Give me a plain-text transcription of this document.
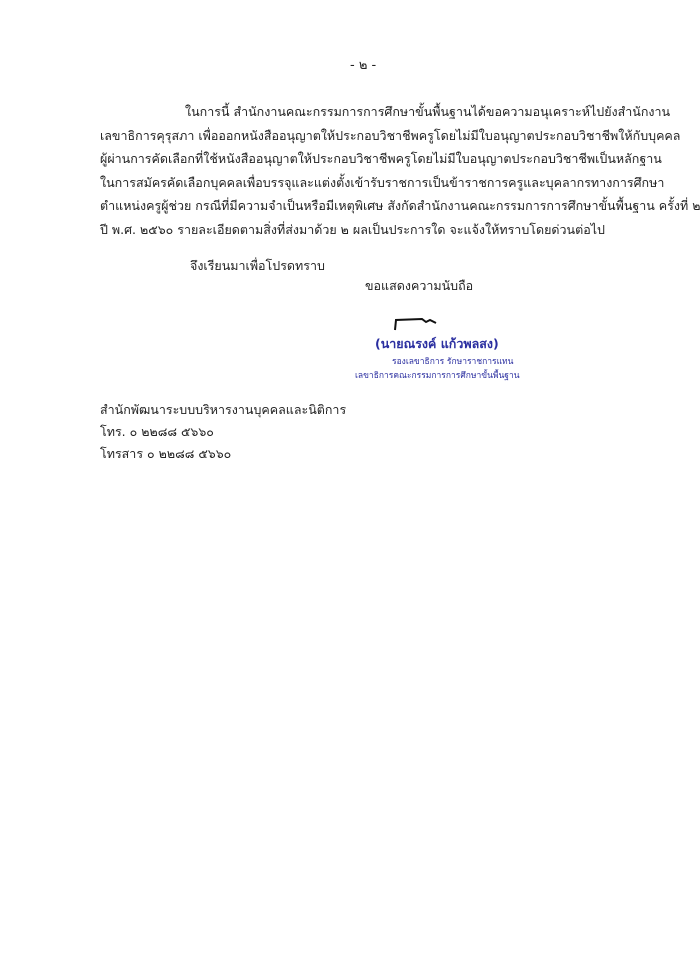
- ๒ -
ในการนี้ สำนักงานคณะกรรมการการศึกษาขั้นพื้นฐานได้ขอความอนุเคราะห์ไปยังสำนักงาน
เลขาธิการคุรุสภา เพื่อออกหนังสืออนุญาตให้ประกอบวิชาชีพครูโดยไม่มีใบอนุญาตประกอบวิชาชีพให้กับบุคคล
ผู้ผ่านการคัดเลือกที่ใช้หนังสืออนุญาตให้ประกอบวิชาชีพครูโดยไม่มีใบอนุญาตประกอบวิชาชีพเป็นหลักฐาน
ในการสมัครคัดเลือกบุคคลเพื่อบรรจุและแต่งตั้งเข้ารับราชการเป็นข้าราชการครูและบุคลากรทางการศึกษา
ตำแหน่งครูผู้ช่วย กรณีที่มีความจำเป็นหรือมีเหตุพิเศษ สังกัดสำนักงานคณะกรรมการการศึกษาขั้นพื้นฐาน ครั้งที่ ๒
ปี พ.ศ. ๒๕๖๐ รายละเอียดตามสิ่งที่ส่งมาด้วย ๒ ผลเป็นประการใด จะแจ้งให้ทราบโดยด่วนต่อไป
จึงเรียนมาเพื่อโปรดทราบ
ขอแสดงความนับถือ
(นายณรงค์ แก้วพลสง)
รองเลขาธิการ รักษาราชการแทน
เลขาธิการคณะกรรมการการศึกษาขั้นพื้นฐาน
สำนักพัฒนาระบบบริหารงานบุคคลและนิติการ
โทร. ๐ ๒๒๘๘ ๕๖๖๐
โทรสาร ๐ ๒๒๘๘ ๕๖๖๐
